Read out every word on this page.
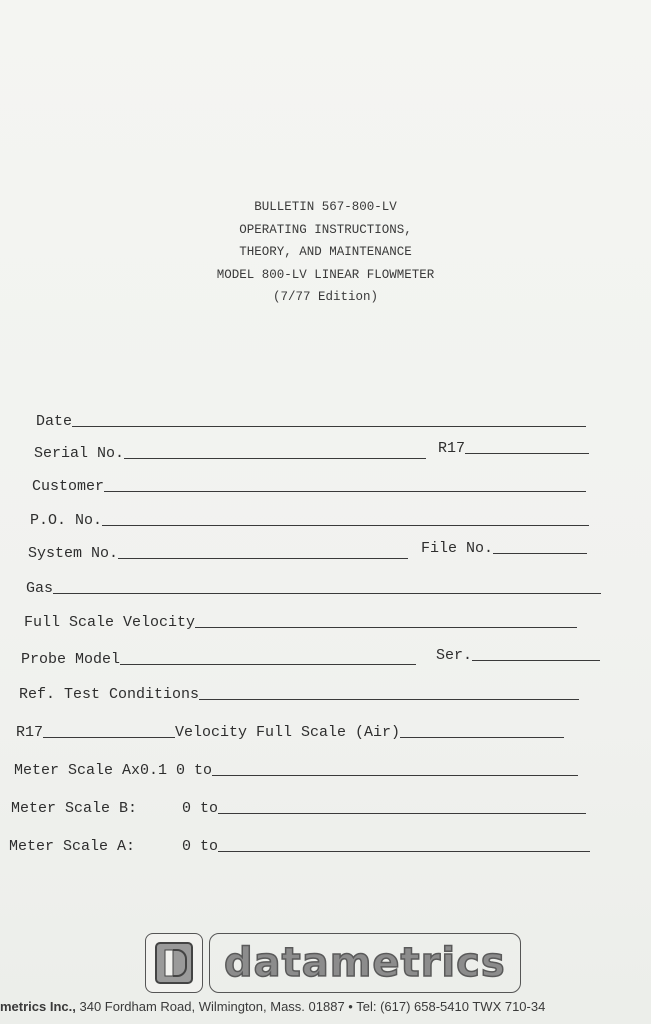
BULLETIN 567-800-LV
OPERATING INSTRUCTIONS,
THEORY, AND MAINTENANCE
MODEL 800-LV LINEAR FLOWMETER
(7/77 Edition)
Date
Serial No.	R17
Customer
P.O. No.
System No.	File No.
Gas
Full Scale Velocity
Probe Model	Ser.
Ref. Test Conditions
R17	Velocity Full Scale (Air)
Meter Scale Ax0.1 0 to
Meter Scale B:	0 to
Meter Scale A:	0 to
datametrics
metrics Inc., 340 Fordham Road, Wilmington, Mass. 01887 • Tel: (617) 658-5410 TWX 710-34
